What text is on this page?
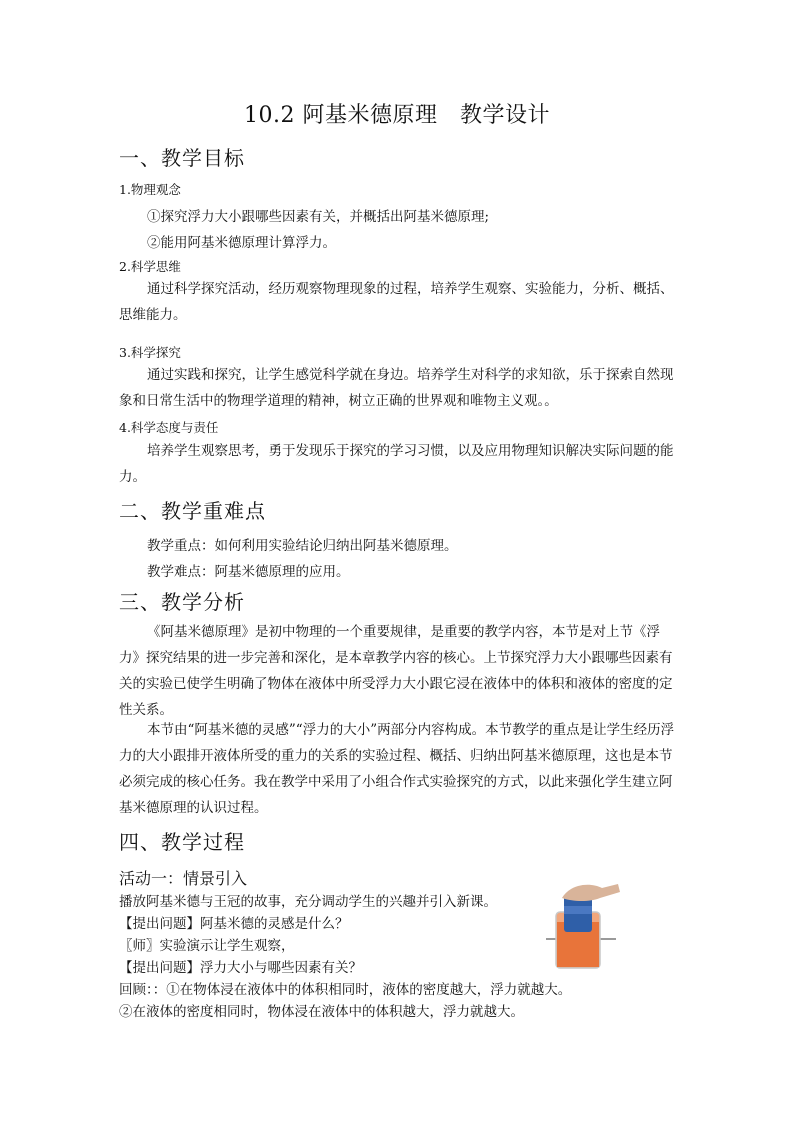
10.2 阿基米德原理　教学设计
一、教学目标
1.物理观念
①探究浮力大小跟哪些因素有关，并概括出阿基米德原理;
②能用阿基米德原理计算浮力。
2.科学思维
通过科学探究活动，经历观察物理现象的过程，培养学生观察、实验能力，分析、概括、思维能力。
3.科学探究
通过实践和探究，让学生感觉科学就在身边。培养学生对科学的求知欲，乐于探索自然现象和日常生活中的物理学道理的精神，树立正确的世界观和唯物主义观。。
4.科学态度与责任
培养学生观察思考，勇于发现乐于探究的学习习惯，以及应用物理知识解决实际问题的能力。
二、教学重难点
教学重点：如何利用实验结论归纳出阿基米德原理。
教学难点：阿基米德原理的应用。
三、教学分析
《阿基米德原理》是初中物理的一个重要规律，是重要的教学内容，本节是对上节《浮力》探究结果的进一步完善和深化，是本章教学内容的核心。上节探究浮力大小跟哪些因素有关的实验已使学生明确了物体在液体中所受浮力大小跟它浸在液体中的体积和液体的密度的定性关系。
本节由“阿基米德的灵感”“浮力的大小”两部分内容构成。本节教学的重点是让学生经历浮力的大小跟排开液体所受的重力的关系的实验过程、概括、归纳出阿基米德原理，这也是本节必须完成的核心任务。我在教学中采用了小组合作式实验探究的方式，以此来强化学生建立阿基米德原理的认识过程。
四、教学过程
活动一：情景引入
播放阿基米德与王冠的故事，充分调动学生的兴趣并引入新课。
【提出问题】阿基米德的灵感是什么？
〖师〗实验演示让学生观察，
【提出问题】浮力大小与哪些因素有关？
回顾：：①在物体浸在液体中的体积相同时，液体的密度越大，浮力就越大。
②在液体的密度相同时，物体浸在液体中的体积越大，浮力就越大。
